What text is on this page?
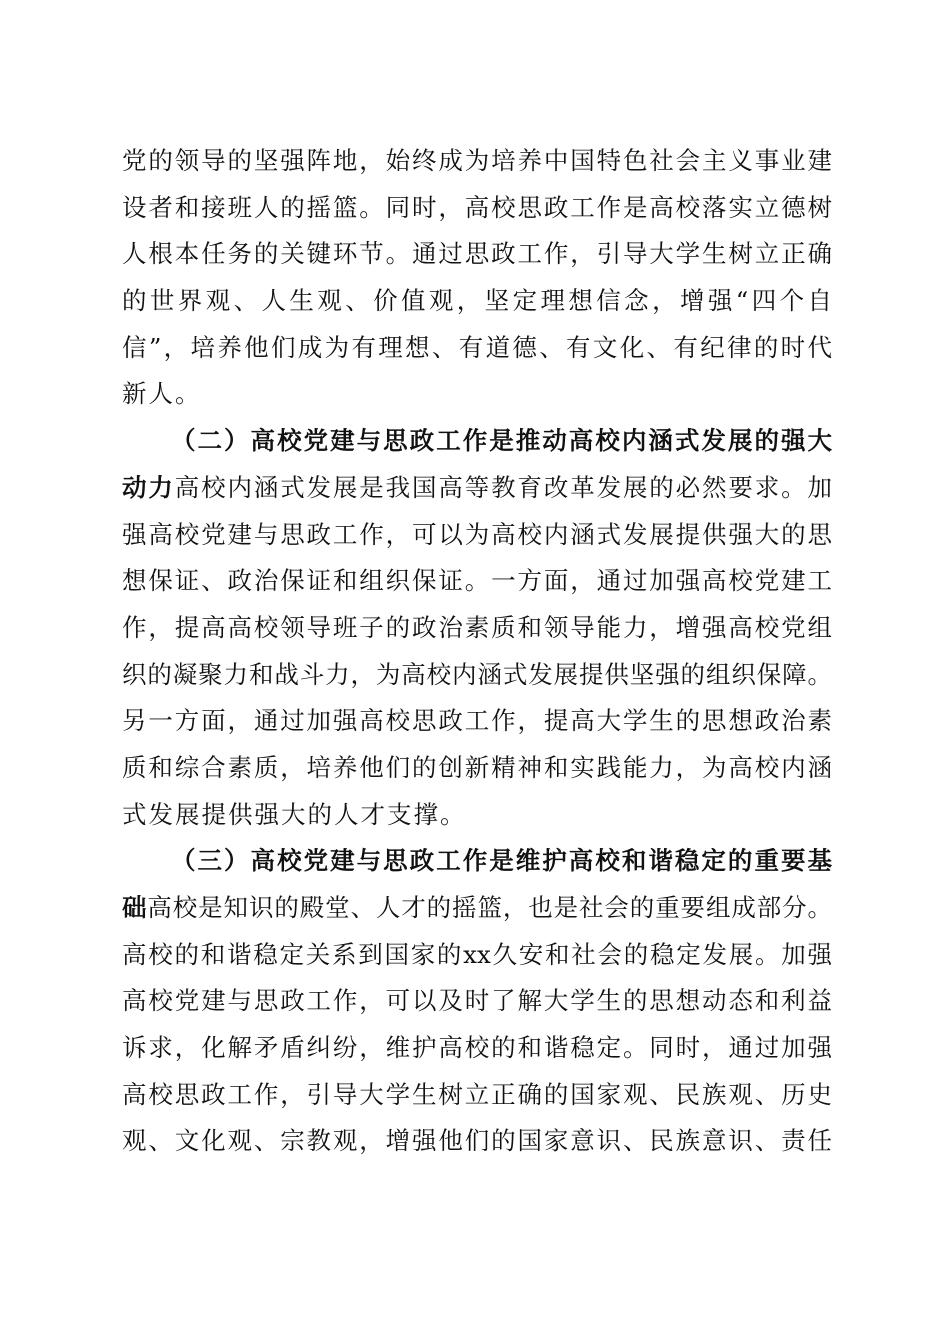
党的领导的坚强阵地，始终成为培养中国特色社会主义事业建
设者和接班人的摇篮。同时，高校思政工作是高校落实立德树
人根本任务的关键环节。通过思政工作，引导大学生树立正确
的世界观、人生观、价值观，坚定理想信念，增强“四个自
信”，培养他们成为有理想、有道德、有文化、有纪律的时代
新人。
（二）高校党建与思政工作是推动高校内涵式发展的强大
动力高校内涵式发展是我国高等教育改革发展的必然要求。加
强高校党建与思政工作，可以为高校内涵式发展提供强大的思
想保证、政治保证和组织保证。一方面，通过加强高校党建工
作，提高高校领导班子的政治素质和领导能力，增强高校党组
织的凝聚力和战斗力，为高校内涵式发展提供坚强的组织保障。
另一方面，通过加强高校思政工作，提高大学生的思想政治素
质和综合素质，培养他们的创新精神和实践能力，为高校内涵
式发展提供强大的人才支撑。
（三）高校党建与思政工作是维护高校和谐稳定的重要基
础高校是知识的殿堂、人才的摇篮，也是社会的重要组成部分。
高校的和谐稳定关系到国家的xx久安和社会的稳定发展。加强
高校党建与思政工作，可以及时了解大学生的思想动态和利益
诉求，化解矛盾纠纷，维护高校的和谐稳定。同时，通过加强
高校思政工作，引导大学生树立正确的国家观、民族观、历史
观、文化观、宗教观，增强他们的国家意识、民族意识、责任
